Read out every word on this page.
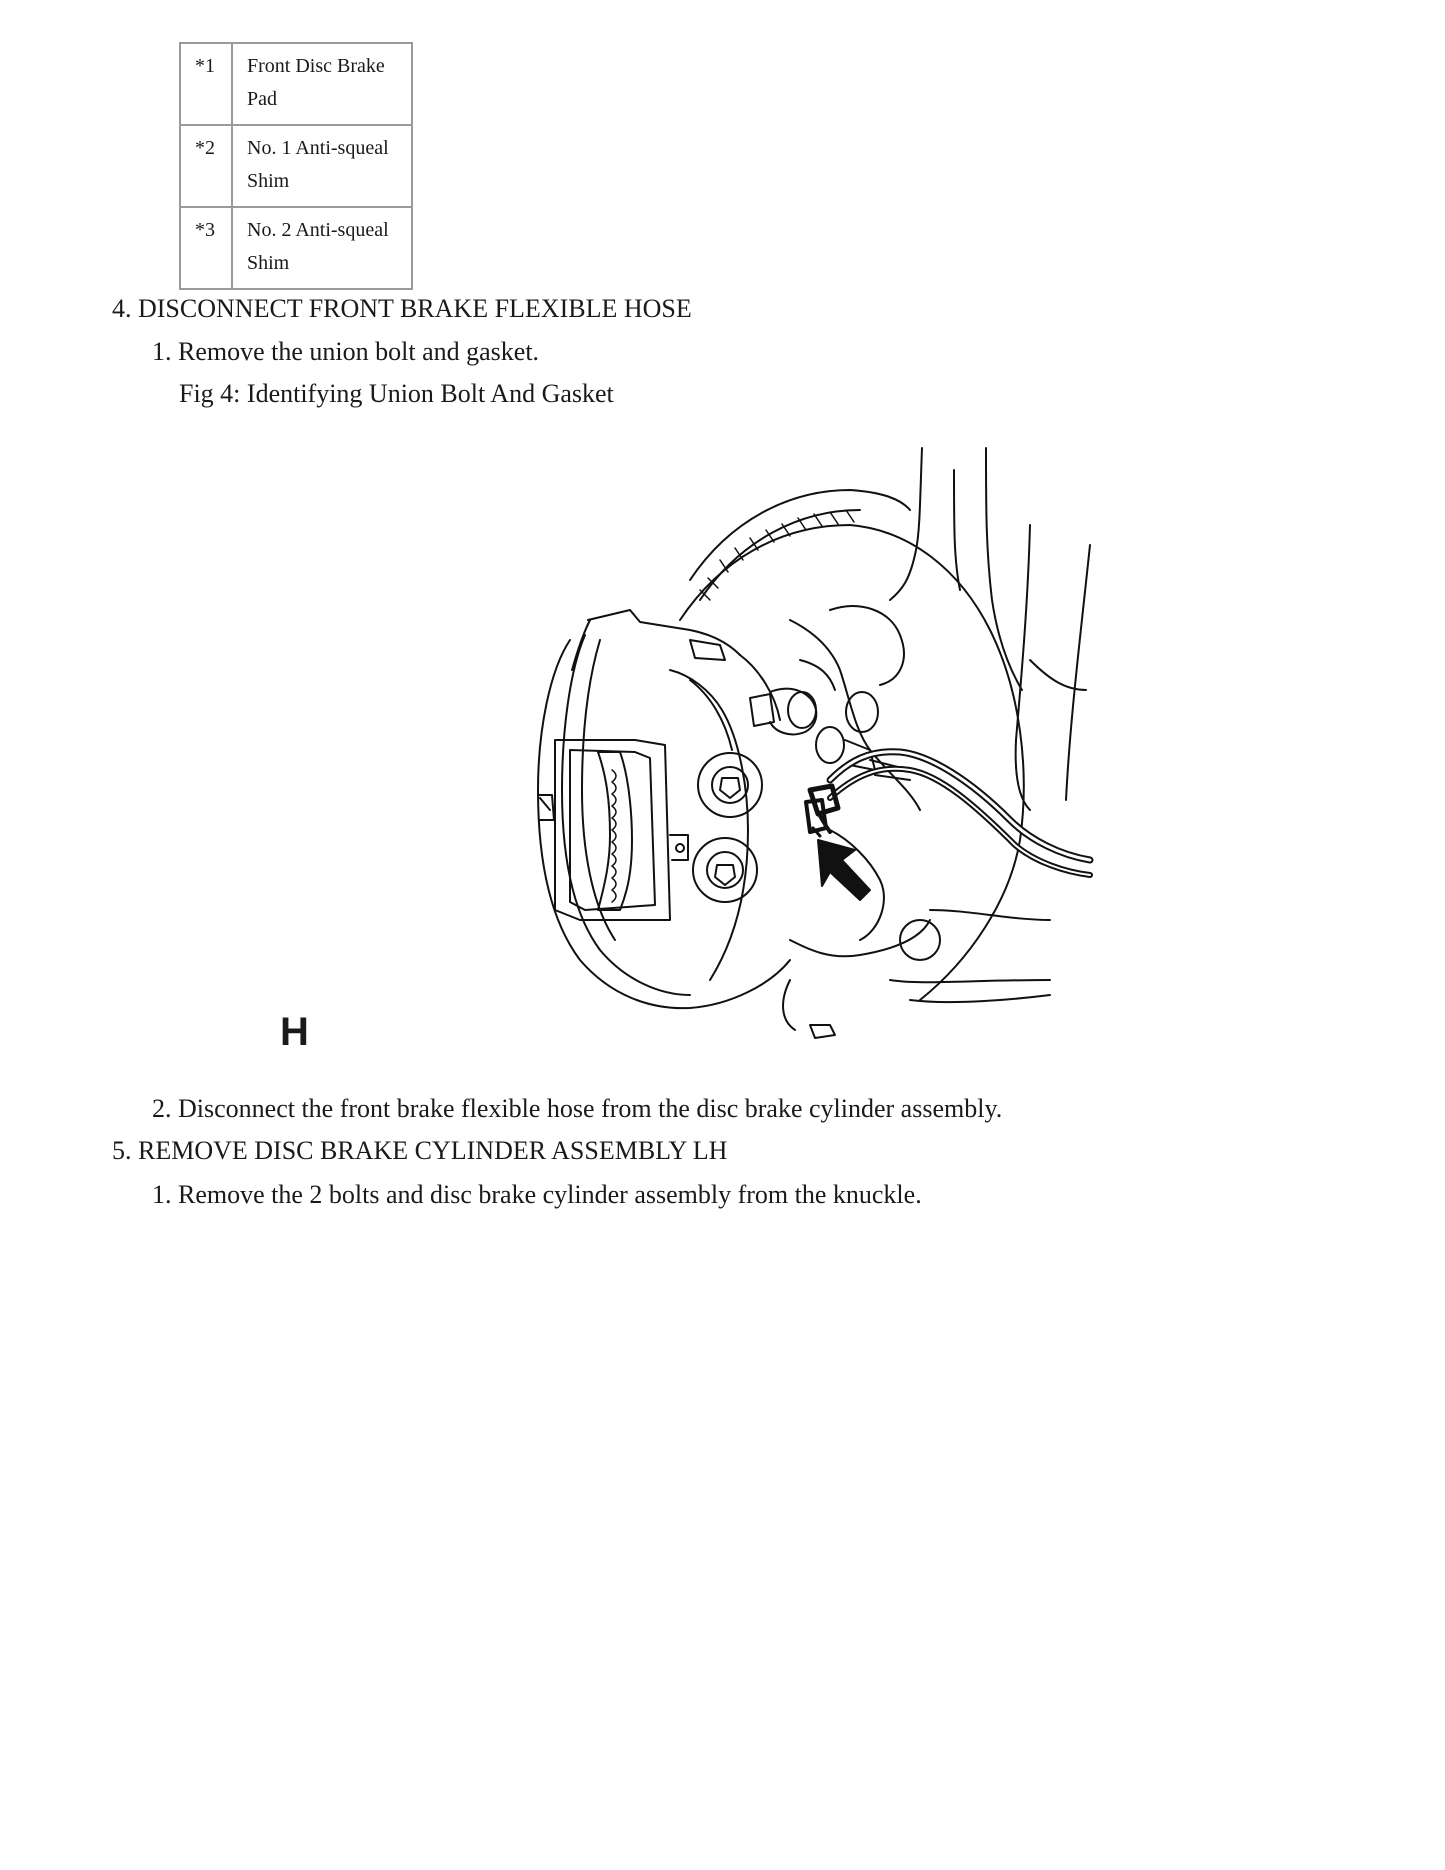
*1	Front Disc Brake Pad
*2	No. 1 Anti-squeal Shim
*3	No. 2 Anti-squeal Shim
4. DISCONNECT FRONT BRAKE FLEXIBLE HOSE
1. Remove the union bolt and gasket.
Fig 4: Identifying Union Bolt And Gasket
H
2. Disconnect the front brake flexible hose from the disc brake cylinder assembly.
5. REMOVE DISC BRAKE CYLINDER ASSEMBLY LH
1. Remove the 2 bolts and disc brake cylinder assembly from the knuckle.
